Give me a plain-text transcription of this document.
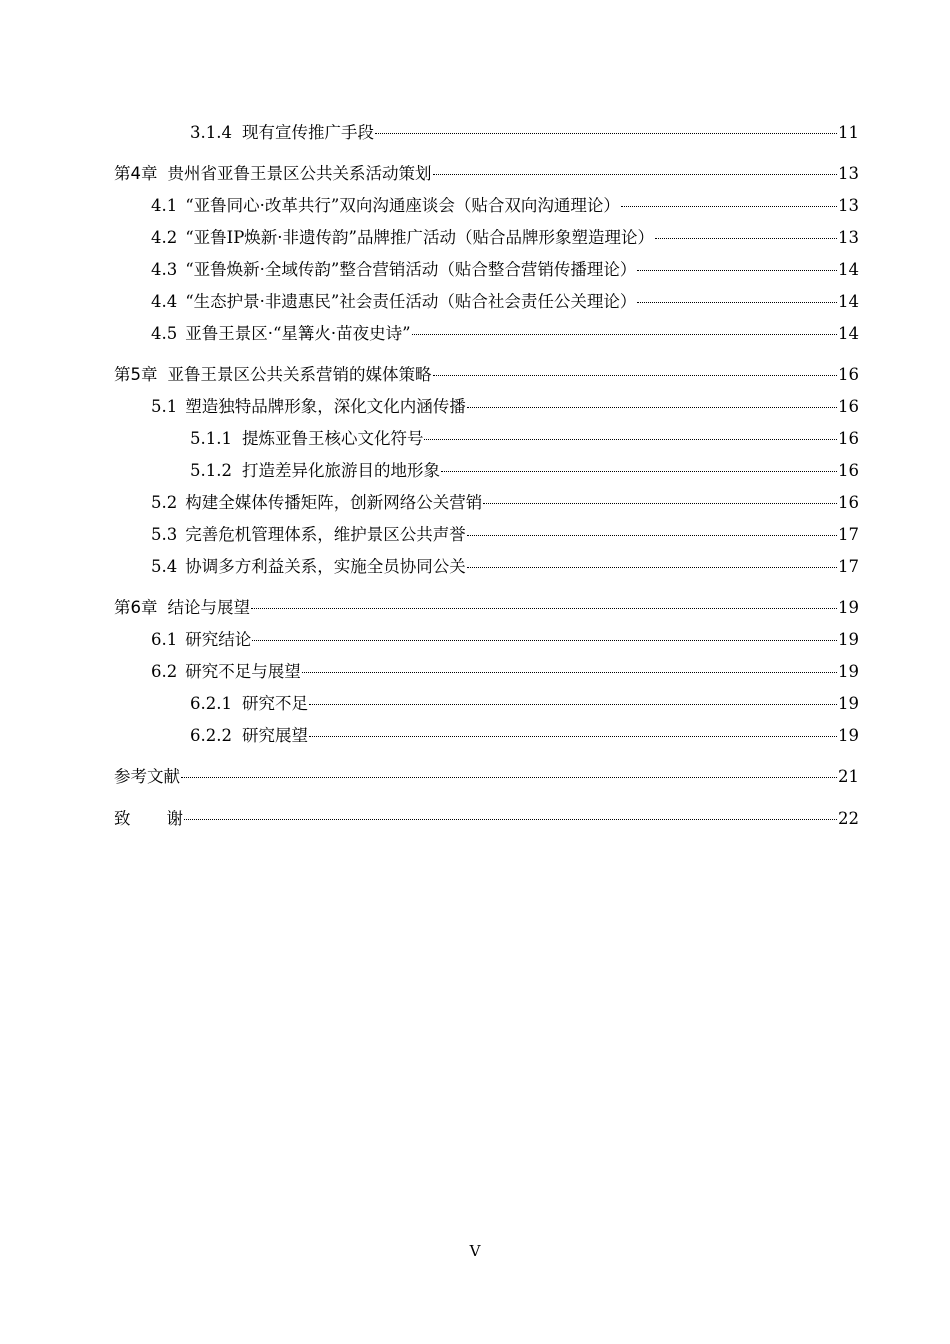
3.1.4 现有宣传推广手段	11
第4章 贵州省亚鲁王景区公共关系活动策划	13
4.1 “亚鲁同心·改革共行”双向沟通座谈会（贴合双向沟通理论）	13
4.2 “亚鲁IP焕新·非遗传韵”品牌推广活动（贴合品牌形象塑造理论）	13
4.3 “亚鲁焕新·全域传韵”整合营销活动（贴合整合营销传播理论）	14
4.4 “生态护景·非遗惠民”社会责任活动（贴合社会责任公关理论）	14
4.5 亚鲁王景区·“星篝火·苗夜史诗”	14
第5章 亚鲁王景区公共关系营销的媒体策略	16
5.1 塑造独特品牌形象，深化文化内涵传播	16
5.1.1 提炼亚鲁王核心文化符号	16
5.1.2 打造差异化旅游目的地形象	16
5.2 构建全媒体传播矩阵，创新网络公关营销	16
5.3 完善危机管理体系，维护景区公共声誉	17
5.4 协调多方利益关系，实施全员协同公关	17
第6章 结论与展望	19
6.1 研究结论	19
6.2 研究不足与展望	19
6.2.1 研究不足	19
6.2.2 研究展望	19
参考文献	21
致 谢	22
V
